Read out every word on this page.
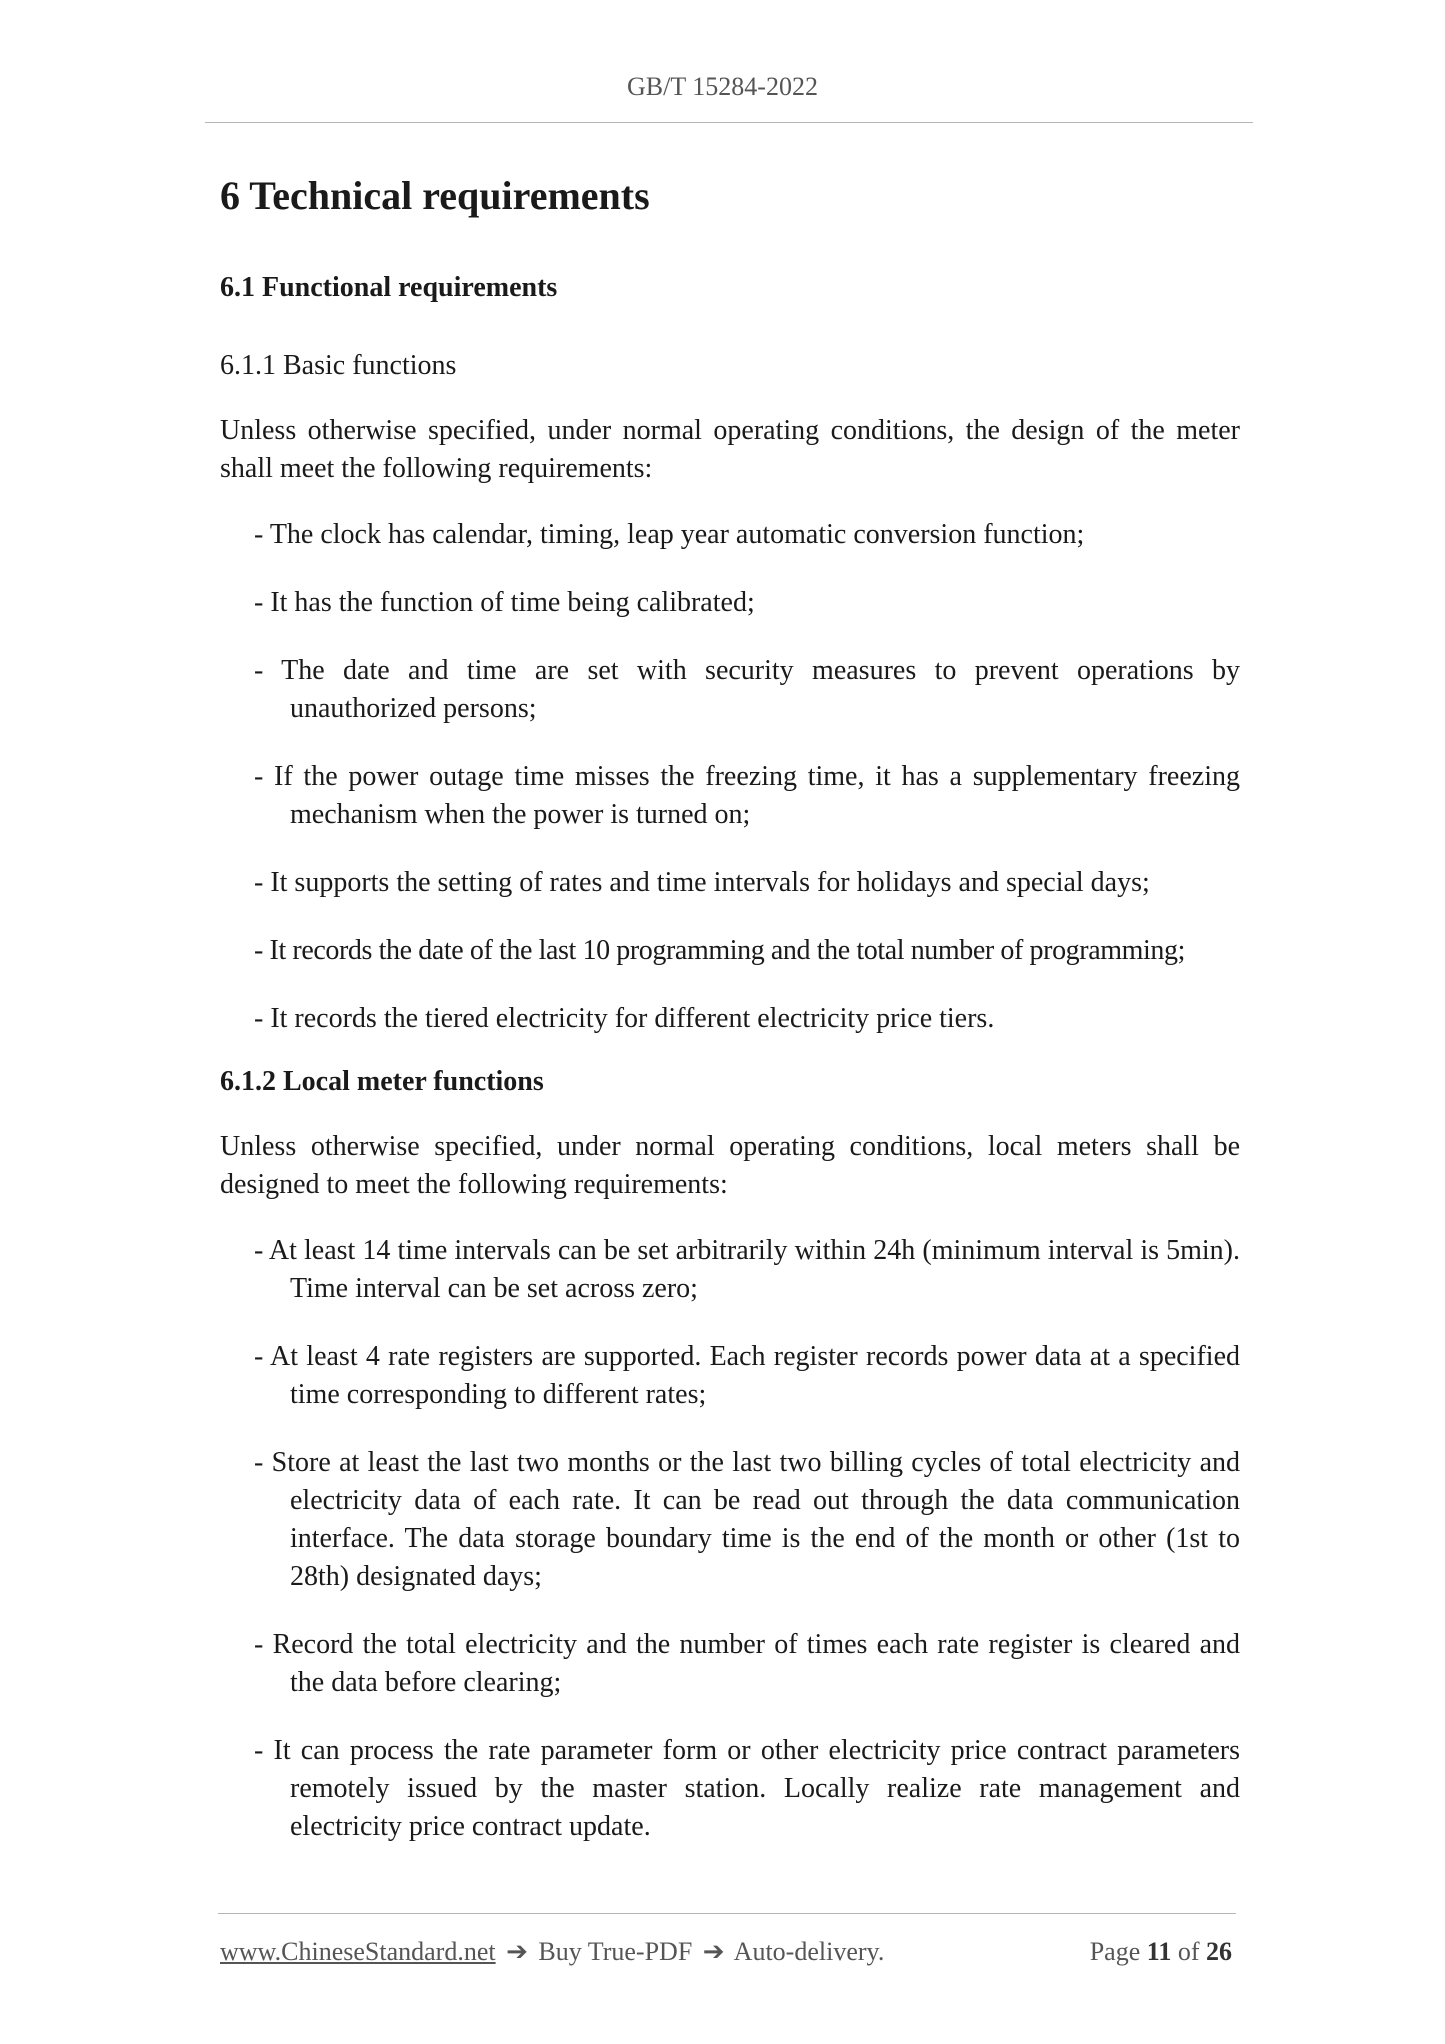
GB/T 15284-2022
6 Technical requirements
6.1 Functional requirements
6.1.1 Basic functions

Unless otherwise specified, under normal operating conditions, the design of the meter shall meet the following requirements:

- The clock has calendar, timing, leap year automatic conversion function;
- It has the function of time being calibrated;
- The date and time are set with security measures to prevent operations by unauthorized persons;
- If the power outage time misses the freezing time, it has a supplementary freezing mechanism when the power is turned on;
- It supports the setting of rates and time intervals for holidays and special days;
- It records the date of the last 10 programming and the total number of programming;
- It records the tiered electricity for different electricity price tiers.
6.1.2 Local meter functions

Unless otherwise specified, under normal operating conditions, local meters shall be designed to meet the following requirements:

- At least 14 time intervals can be set arbitrarily within 24h (minimum interval is 5min). Time interval can be set across zero;
- At least 4 rate registers are supported. Each register records power data at a specified time corresponding to different rates;
- Store at least the last two months or the last two billing cycles of total electricity and electricity data of each rate. It can be read out through the data communication interface. The data storage boundary time is the end of the month or other (1st to 28th) designated days;
- Record the total electricity and the number of times each rate register is cleared and the data before clearing;
- It can process the rate parameter form or other electricity price contract parameters remotely issued by the master station. Locally realize rate management and electricity price contract update.
www.ChineseStandard.net ➔ Buy True-PDF ➔ Auto-delivery.	Page 11 of 26
